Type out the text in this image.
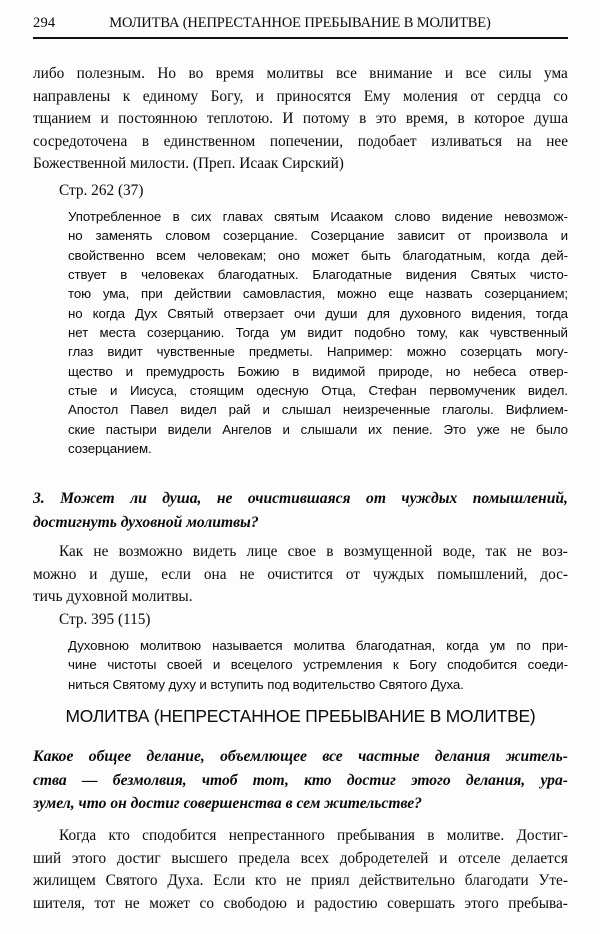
294	МОЛИТВА (НЕПРЕСТАННОЕ ПРЕБЫВАНИЕ В МОЛИТВЕ)
либо полезным. Но во время молитвы все внимание и все силы ума
направлены к единому Богу, и приносятся Ему моления от сердца со
тщанием и постоянною теплотою. И потому в это время, в которое душа
сосредоточена в единственном попечении, подобает изливаться на нее
Божественной милости. (Преп. Исаак Сирский)
Стр. 262 (37)
Употребленное в сих главах святым Исааком слово видение невозмож-
но заменять словом созерцание. Созерцание зависит от произвола и
свойственно всем человекам; оно может быть благодатным, когда дей-
ствует в человеках благодатных. Благодатные видения Святых чисто-
тою ума, при действии самовластия, можно еще назвать созерцанием;
но когда Дух Святый отверзает очи души для духовного видения, тогда
нет места созерцанию. Тогда ум видит подобно тому, как чувственный
глаз видит чувственные предметы. Например: можно созерцать могу-
щество и премудрость Божию в видимой природе, но небеса отвер-
стые и Иисуса, стоящим одесную Отца, Стефан первомученик видел.
Апостол Павел видел рай и слышал неизреченные глаголы. Вифлием-
ские пастыри видели Ангелов и слышали их пение. Это уже не было
созерцанием.
3. Может ли душа, не очистившаяся от чуждых помышлений,
достигнуть духовной молитвы?
Как не возможно видеть лице свое в возмущенной воде, так не воз-
можно и душе, если она не очистится от чуждых помышлений, дос-
тичь духовной молитвы.
Стр. 395 (115)
Духовною молитвою называется молитва благодатная, когда ум по при-
чине чистоты своей и всецелого устремления к Богу сподобится соеди-
ниться Святому духу и вступить под водительство Святого Духа.
МОЛИТВА (НЕПРЕСТАННОЕ ПРЕБЫВАНИЕ В МОЛИТВЕ)
Какое общее делание, объемлющее все частные делания житель-
ства — безмолвия, чтоб тот, кто достиг этого делания, ура-
зумел, что он достиг совершенства в сем жительстве?
Когда кто сподобится непрестанного пребывания в молитве. Достиг-
ший этого достиг высшего предела всех добродетелей и отселе делается
жилищем Святого Духа. Если кто не приял действительно благодати Уте-
шителя, тот не может со свободою и радостию совершать этого пребыва-
